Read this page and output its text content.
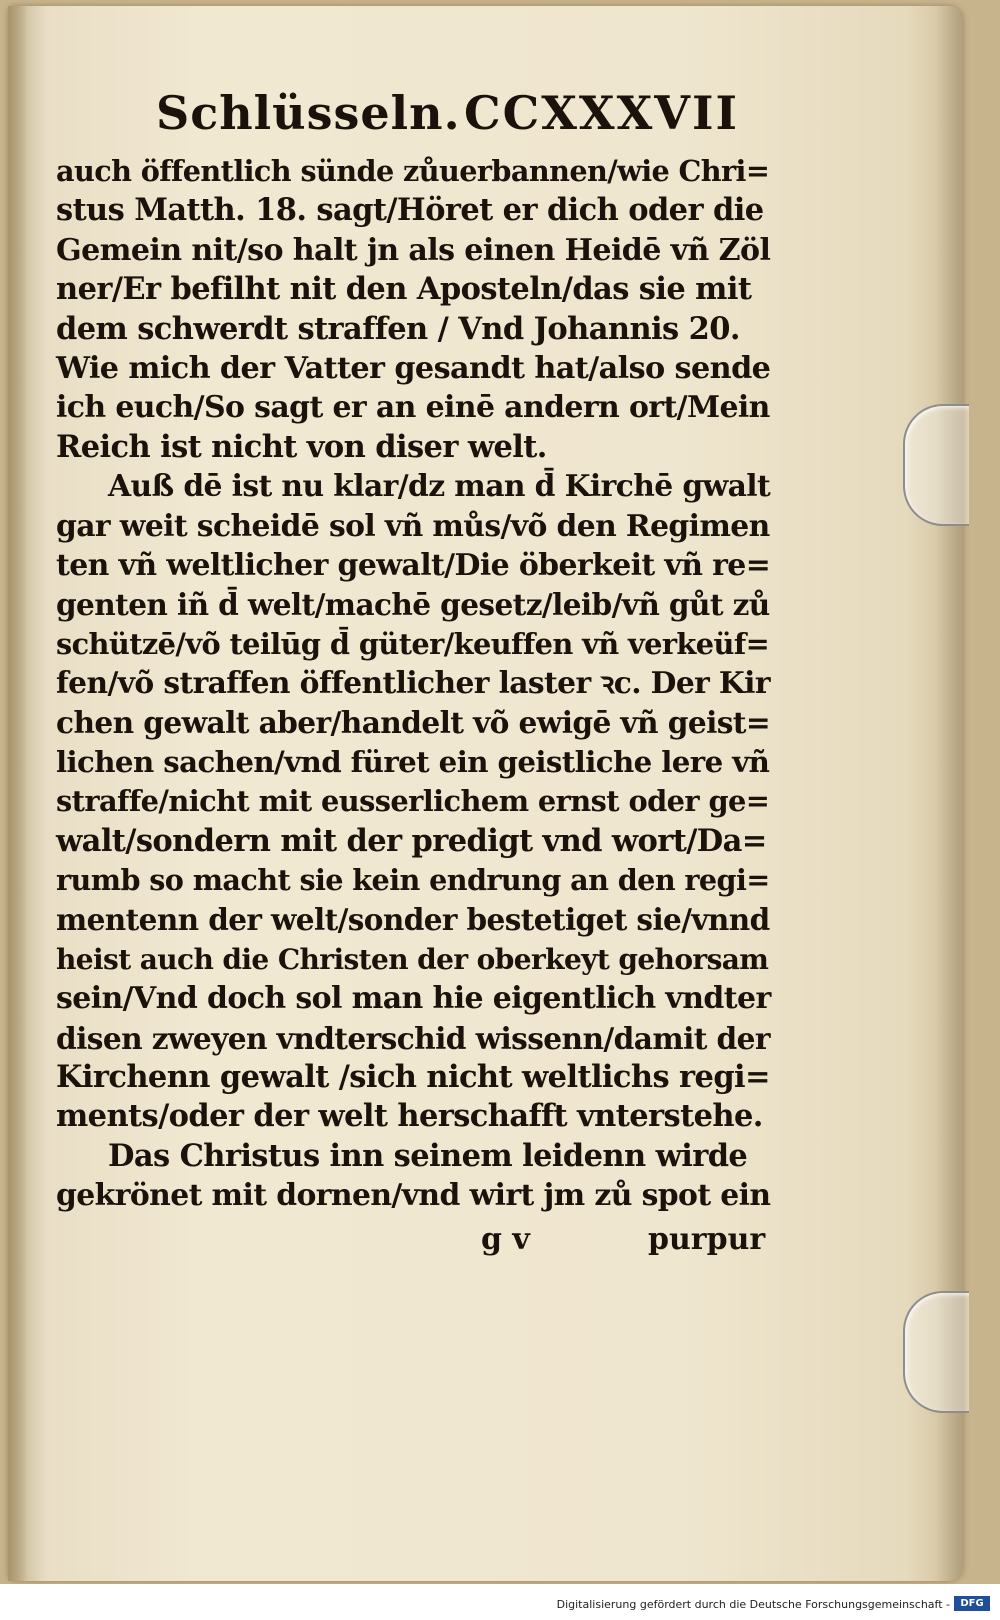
Schlüsseln. CCXXXVII
auch öffentlich sünde zůuerbannen/wie Chri=
stus Matth. 18. sagt/Höret er dich oder die
Gemein nit/so halt jn als einen Heidē vñ Zöl
ner/Er befilht nit den Aposteln/das sie mit
dem schwerdt straffen / Vnd Johannis 20.
Wie mich der Vatter gesandt hat/also sende
ich euch/So sagt er an einē andern ort/Mein
Reich ist nicht von diser welt.
Auß dē ist nu klar/dz man d̄ Kirchē gwalt
gar weit scheidē sol vñ můs/võ den Regimen
ten vñ weltlicher gewalt/Die öberkeit vñ re=
genten iñ d̄ welt/machē gesetz/leib/vñ gůt zů
schützē/võ teilūg d̄ güter/keuffen vñ verkeüf=
fen/võ straffen öffentlicher laster ꝛc. Der Kir
chen gewalt aber/handelt võ ewigē vñ geist=
lichen sachen/vnd füret ein geistliche lere vñ
straffe/nicht mit eusserlichem ernst oder ge=
walt/sondern mit der predigt vnd wort/Da=
rumb so macht sie kein endrung an den regi=
mentenn der welt/sonder bestetiget sie/vnnd
heist auch die Christen der oberkeyt gehorsam
sein/Vnd doch sol man hie eigentlich vndter
disen zweyen vndterschid wissenn/damit der
Kirchenn gewalt /sich nicht weltlichs regi=
ments/oder der welt herschafft vnterstehe.
Das Christus inn seinem leidenn wirde
gekrönet mit dornen/vnd wirt jm zů spot ein
g v	purpur
Digitalisierung gefördert durch die Deutsche Forschungsgemeinschaft -	DFG
